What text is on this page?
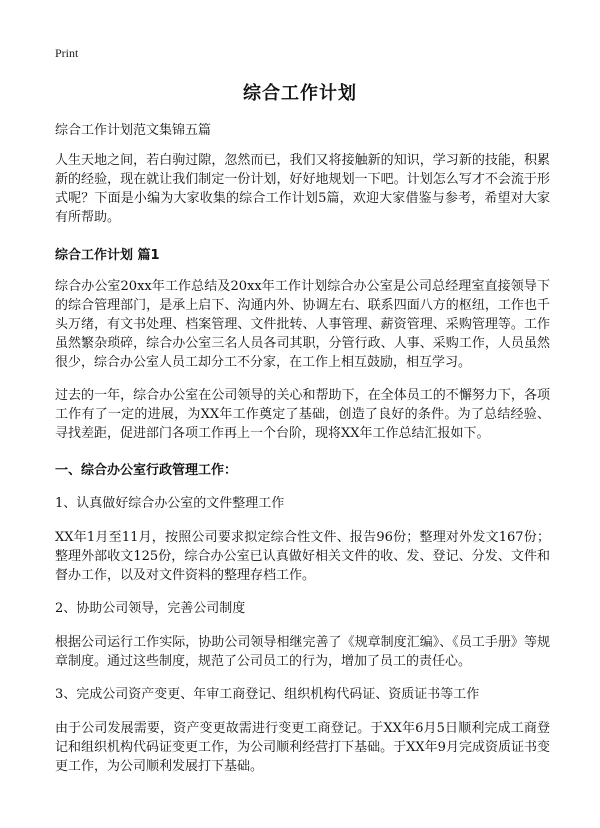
Print
综合工作计划

综合工作计划范文集锦五篇

人生天地之间，若白驹过隙，忽然而已，我们又将接触新的知识，学习新的技能，积累新的经验，现在就让我们制定一份计划，好好地规划一下吧。计划怎么写才不会流于形式呢？下面是小编为大家收集的综合工作计划5篇，欢迎大家借鉴与参考，希望对大家有所帮助。

综合工作计划 篇1

综合办公室20xx年工作总结及20xx年工作计划综合办公室是公司总经理室直接领导下的综合管理部门，是承上启下、沟通内外、协调左右、联系四面八方的枢纽，工作也千头万绪，有文书处理、档案管理、文件批转、人事管理、薪资管理、采购管理等。工作虽然繁杂琐碎，综合办公室三名人员各司其职，分管行政、人事、采购工作，人员虽然很少，综合办公室人员工却分工不分家，在工作上相互鼓励，相互学习。

过去的一年，综合办公室在公司领导的关心和帮助下，在全体员工的不懈努力下，各项工作有了一定的进展，为XX年工作奠定了基础，创造了良好的条件。为了总结经验、寻找差距，促进部门各项工作再上一个台阶，现将XX年工作总结汇报如下。

一、综合办公室行政管理工作：

1、认真做好综合办公室的文件整理工作

XX年1月至11月，按照公司要求拟定综合性文件、报告96份；整理对外发文167份；整理外部收文125份，综合办公室已认真做好相关文件的收、发、登记、分发、文件和督办工作，以及对文件资料的整理存档工作。

2、协助公司领导，完善公司制度

根据公司运行工作实际，协助公司领导相继完善了《规章制度汇编》、《员工手册》等规章制度。通过这些制度，规范了公司员工的行为，增加了员工的责任心。

3、完成公司资产变更、年审工商登记、组织机构代码证、资质证书等工作

由于公司发展需要，资产变更故需进行变更工商登记。于XX年6月5日顺利完成工商登记和组织机构代码证变更工作，为公司顺利经营打下基础。于XX年9月完成资质证书变更工作，为公司顺利发展打下基础。
